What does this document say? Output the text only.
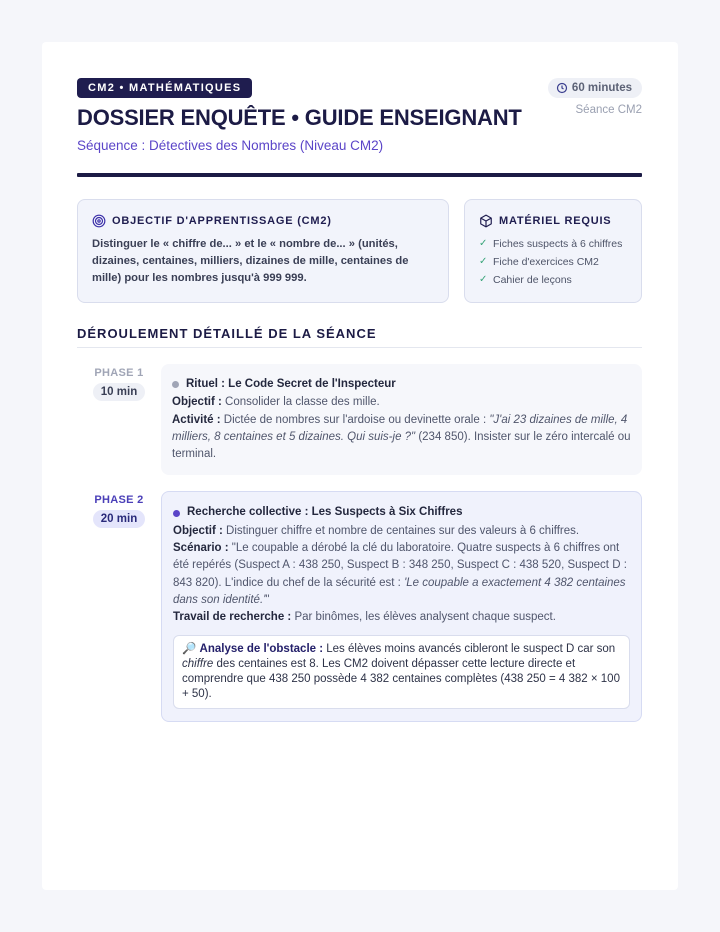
CM2 • MATHÉMATIQUES
DOSSIER ENQUÊTE • GUIDE ENSEIGNANT
Séquence : Détectives des Nombres (Niveau CM2)
60 minutes
Séance CM2
OBJECTIF D'APPRENTISSAGE (CM2)
Distinguer le « chiffre de... » et le « nombre de... » (unités, dizaines, centaines, milliers, dizaines de mille, centaines de mille) pour les nombres jusqu'à 999 999.
MATÉRIEL REQUIS
✓ Fiches suspects à 6 chiffres
✓ Fiche d'exercices CM2
✓ Cahier de leçons
DÉROULEMENT DÉTAILLÉ DE LA SÉANCE
PHASE 1
10 min
Rituel : Le Code Secret de l'Inspecteur
Objectif : Consolider la classe des mille.
Activité : Dictée de nombres sur l'ardoise ou devinette orale : "J'ai 23 dizaines de mille, 4 milliers, 8 centaines et 5 dizaines. Qui suis-je ?" (234 850). Insister sur le zéro intercalé ou terminal.
PHASE 2
20 min
Recherche collective : Les Suspects à Six Chiffres
Objectif : Distinguer chiffre et nombre de centaines sur des valeurs à 6 chiffres.
Scénario : "Le coupable a dérobé la clé du laboratoire. Quatre suspects à 6 chiffres ont été repérés (Suspect A : 438 250, Suspect B : 348 250, Suspect C : 438 520, Suspect D : 843 820). L'indice du chef de la sécurité est : 'Le coupable a exactement 4 382 centaines dans son identité.'"
Travail de recherche : Par binômes, les élèves analysent chaque suspect.
🔎 Analyse de l'obstacle : Les élèves moins avancés cibleront le suspect D car son chiffre des centaines est 8. Les CM2 doivent dépasser cette lecture directe et comprendre que 438 250 possède 4 382 centaines complètes (438 250 = 4 382 × 100 + 50).
